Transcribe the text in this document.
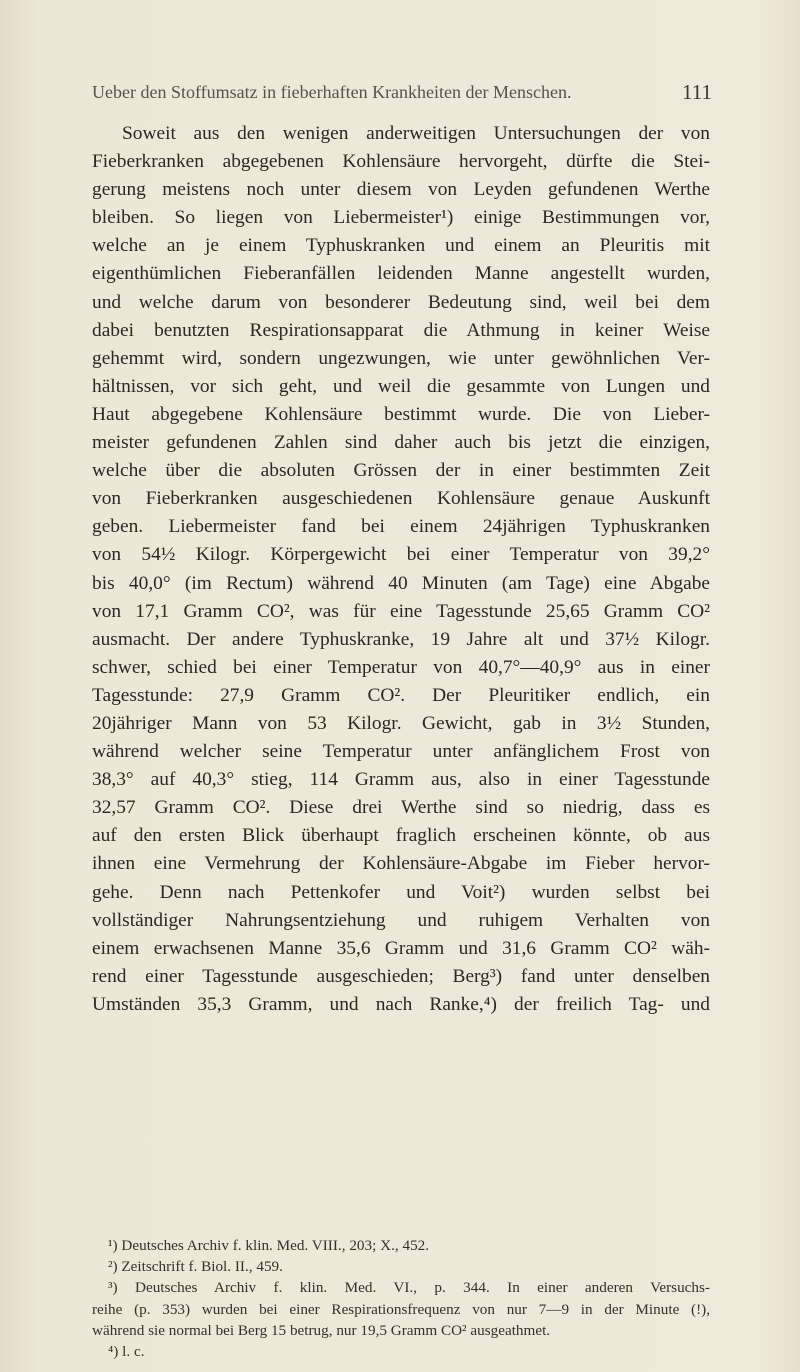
Ueber den Stoffumsatz in fieberhaften Krankheiten der Menschen.	111
Soweit aus den wenigen anderweitigen Untersuchungen der von
Fieberkranken abgegebenen Kohlensäure hervorgeht, dürfte die Stei-
gerung meistens noch unter diesem von Leyden gefundenen Werthe
bleiben. So liegen von Liebermeister¹) einige Bestimmungen vor,
welche an je einem Typhuskranken und einem an Pleuritis mit
eigenthümlichen Fieberanfällen leidenden Manne angestellt wurden,
und welche darum von besonderer Bedeutung sind, weil bei dem
dabei benutzten Respirationsapparat die Athmung in keiner Weise
gehemmt wird, sondern ungezwungen, wie unter gewöhnlichen Ver-
hältnissen, vor sich geht, und weil die gesammte von Lungen und
Haut abgegebene Kohlensäure bestimmt wurde. Die von Lieber-
meister gefundenen Zahlen sind daher auch bis jetzt die einzigen,
welche über die absoluten Grössen der in einer bestimmten Zeit
von Fieberkranken ausgeschiedenen Kohlensäure genaue Auskunft
geben. Liebermeister fand bei einem 24jährigen Typhuskranken
von 54½ Kilogr. Körpergewicht bei einer Temperatur von 39,2°
bis 40,0° (im Rectum) während 40 Minuten (am Tage) eine Abgabe
von 17,1 Gramm CO², was für eine Tagesstunde 25,65 Gramm CO²
ausmacht. Der andere Typhuskranke, 19 Jahre alt und 37½ Kilogr.
schwer, schied bei einer Temperatur von 40,7°—40,9° aus in einer
Tagesstunde: 27,9 Gramm CO². Der Pleuritiker endlich, ein
20jähriger Mann von 53 Kilogr. Gewicht, gab in 3½ Stunden,
während welcher seine Temperatur unter anfänglichem Frost von
38,3° auf 40,3° stieg, 114 Gramm aus, also in einer Tagesstunde
32,57 Gramm CO². Diese drei Werthe sind so niedrig, dass es
auf den ersten Blick überhaupt fraglich erscheinen könnte, ob aus
ihnen eine Vermehrung der Kohlensäure-Abgabe im Fieber hervor-
gehe. Denn nach Pettenkofer und Voit²) wurden selbst bei
vollständiger Nahrungsentziehung und ruhigem Verhalten von
einem erwachsenen Manne 35,6 Gramm und 31,6 Gramm CO² wäh-
rend einer Tagesstunde ausgeschieden; Berg³) fand unter denselben
Umständen 35,3 Gramm, und nach Ranke,⁴) der freilich Tag- und
¹) Deutsches Archiv f. klin. Med. VIII., 203; X., 452.
²) Zeitschrift f. Biol. II., 459.
³) Deutsches Archiv f. klin. Med. VI., p. 344. In einer anderen Versuchs-
reihe (p. 353) wurden bei einer Respirationsfrequenz von nur 7—9 in der Minute (!),
während sie normal bei Berg 15 betrug, nur 19,5 Gramm CO² ausgeathmet.
⁴) l. c.
